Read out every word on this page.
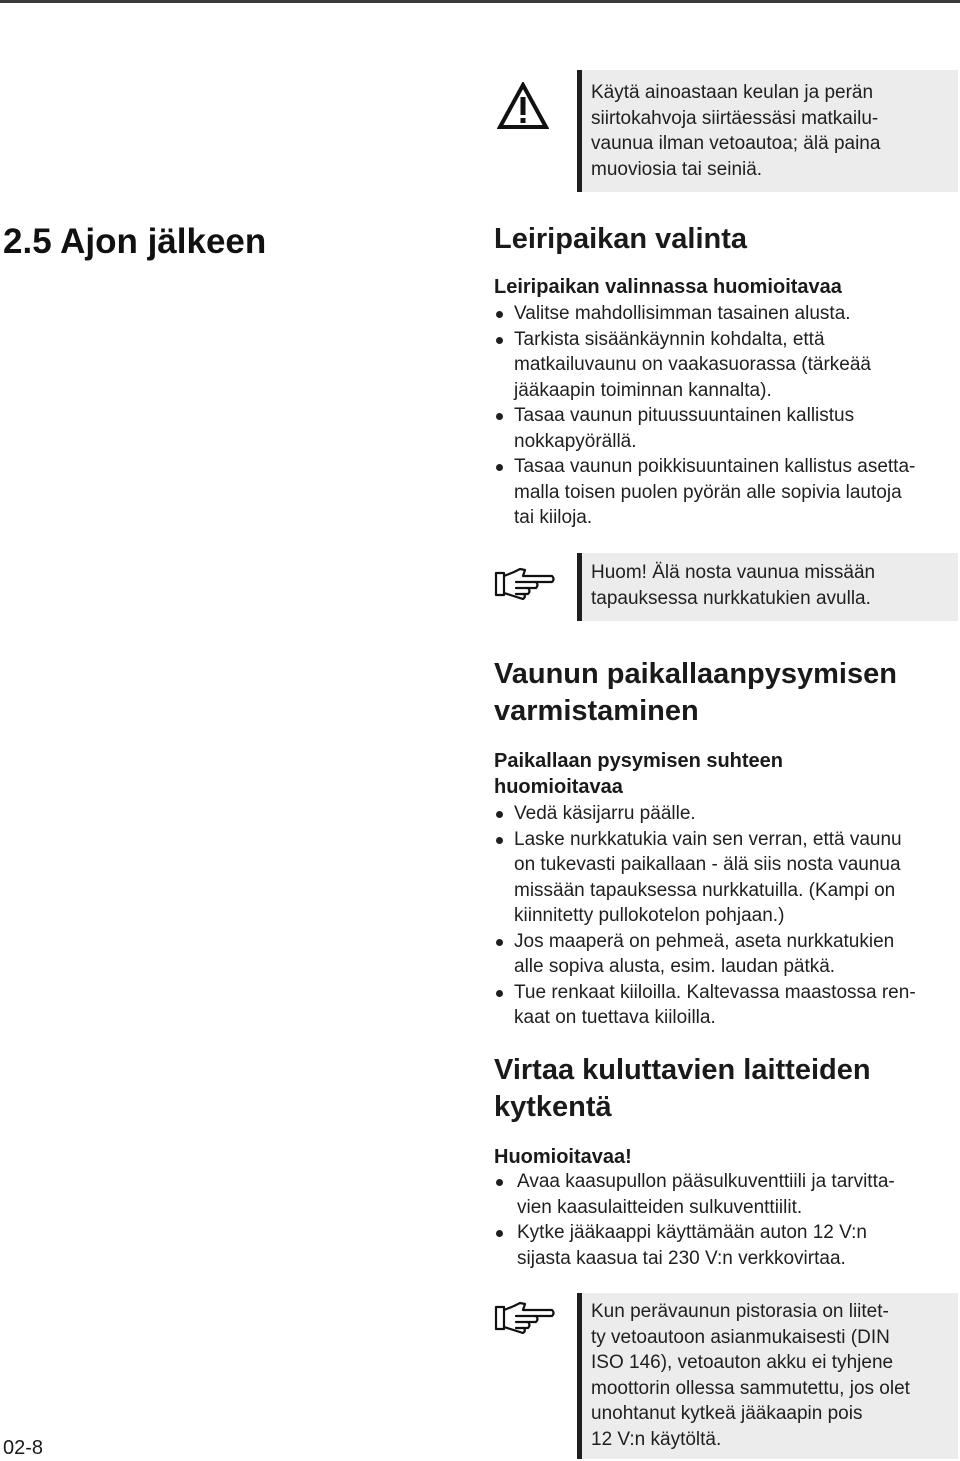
Käytä ainoastaan keulan ja perän
siirtokahvoja siirtäessäsi matkailu-
vaunua ilman vetoautoa; älä paina
muoviosia tai seiniä.
2.5 Ajon jälkeen	Leiripaikan valinta
Leiripaikan valinnassa huomioitavaa
Valitse mahdollisimman tasainen alusta.
Tarkista sisäänkäynnin kohdalta, että
matkailuvaunu on vaakasuorassa (tärkeää
jääkaapin toiminnan kannalta).
Tasaa vaunun pituussuuntainen kallistus
nokkapyörällä.
Tasaa vaunun poikkisuuntainen kallistus asetta-
malla toisen puolen pyörän alle sopivia lautoja
tai kiiloja.
Huom! Älä nosta vaunua missään
tapauksessa nurkkatukien avulla.
Vaunun paikallaanpysymisen
varmistaminen
Paikallaan pysymisen suhteen
huomioitavaa
Vedä käsijarru päälle.
Laske nurkkatukia vain sen verran, että vaunu
on tukevasti paikallaan - älä siis nosta vaunua
missään tapauksessa nurkkatuilla. (Kampi on
kiinnitetty pullokotelon pohjaan.)
Jos maaperä on pehmeä, aseta nurkkatukien
alle sopiva alusta, esim. laudan pätkä.
Tue renkaat kiiloilla. Kaltevassa maastossa ren-
kaat on tuettava kiiloilla.
Virtaa kuluttavien laitteiden
kytkentä
Huomioitavaa!
Avaa kaasupullon pääsulkuventtiili ja tarvitta-
vien kaasulaitteiden sulkuventtiilit.
Kytke jääkaappi käyttämään auton 12 V:n
sijasta kaasua tai 230 V:n verkkovirtaa.
Kun perävaunun pistorasia on liitet-
ty vetoautoon asianmukaisesti (DIN
ISO 146), vetoauton akku ei tyhjene
moottorin ollessa sammutettu, jos olet
unohtanut kytkeä jääkaapin pois
12 V:n käytöltä.
02-8
